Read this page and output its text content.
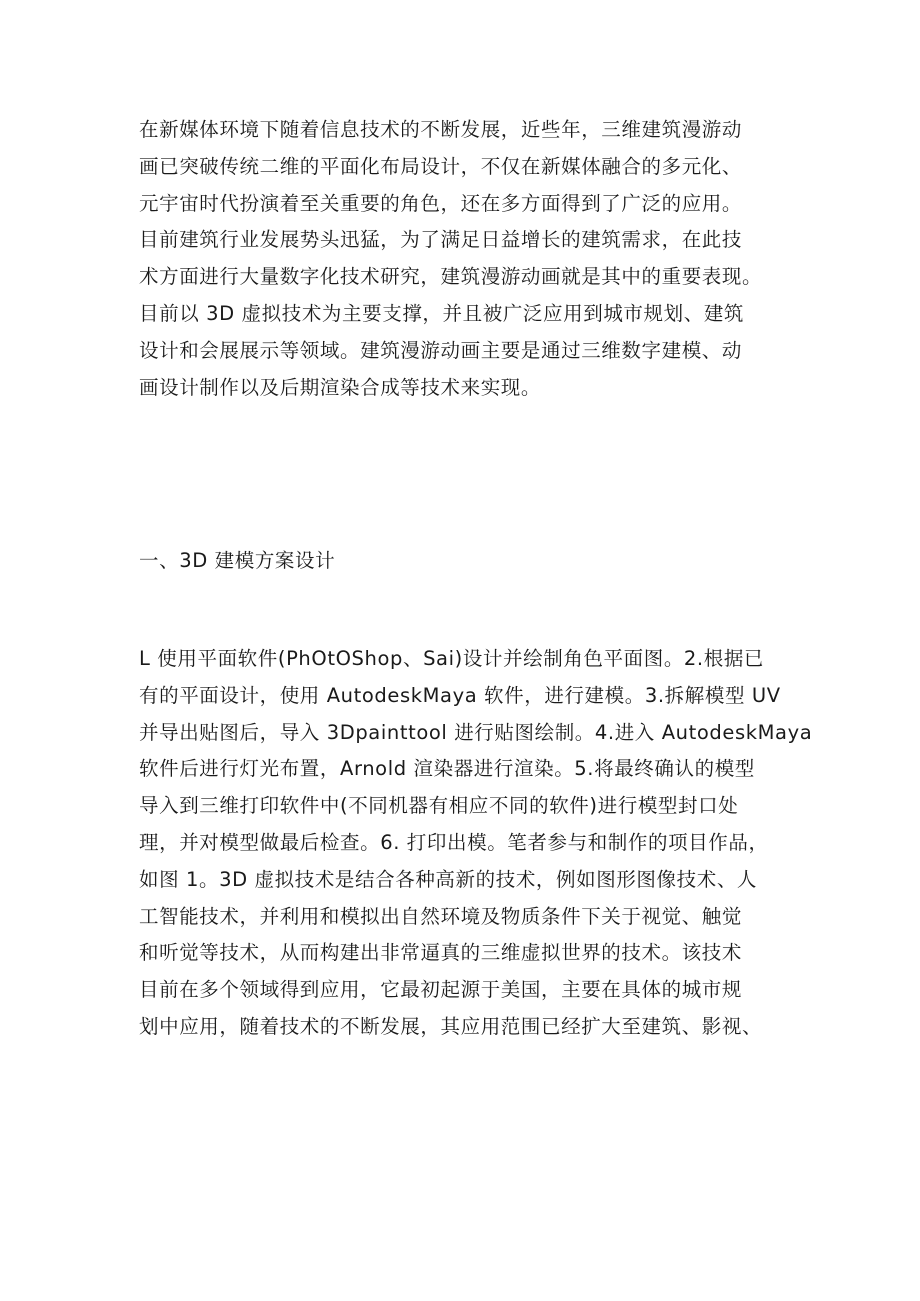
在新媒体环境下随着信息技术的不断发展，近些年，三维建筑漫游动
画已突破传统二维的平面化布局设计，不仅在新媒体融合的多元化、
元宇宙时代扮演着至关重要的角色，还在多方面得到了广泛的应用。
目前建筑行业发展势头迅猛，为了满足日益增长的建筑需求，在此技
术方面进行大量数字化技术研究，建筑漫游动画就是其中的重要表现。
目前以 3D 虚拟技术为主要支撑，并且被广泛应用到城市规划、建筑
设计和会展展示等领域。建筑漫游动画主要是通过三维数字建模、动
画设计制作以及后期渲染合成等技术来实现。
一、3D 建模方案设计
L 使用平面软件(PhOtOShop、Sai)设计并绘制角色平面图。2.根据已
有的平面设计，使用 AutodeskMaya 软件，进行建模。3.拆解模型 UV
并导出贴图后，导入 3Dpainttool 进行贴图绘制。4.进入 AutodeskMaya
软件后进行灯光布置，Arnold 渲染器进行渲染。5.将最终确认的模型
导入到三维打印软件中(不同机器有相应不同的软件)进行模型封口处
理，并对模型做最后检查。6. 打印出模。笔者参与和制作的项目作品，
如图 1。3D 虚拟技术是结合各种高新的技术，例如图形图像技术、人
工智能技术，并利用和模拟出自然环境及物质条件下关于视觉、触觉
和听觉等技术，从而构建出非常逼真的三维虚拟世界的技术。该技术
目前在多个领域得到应用，它最初起源于美国，主要在具体的城市规
划中应用，随着技术的不断发展，其应用范围已经扩大至建筑、影视、
